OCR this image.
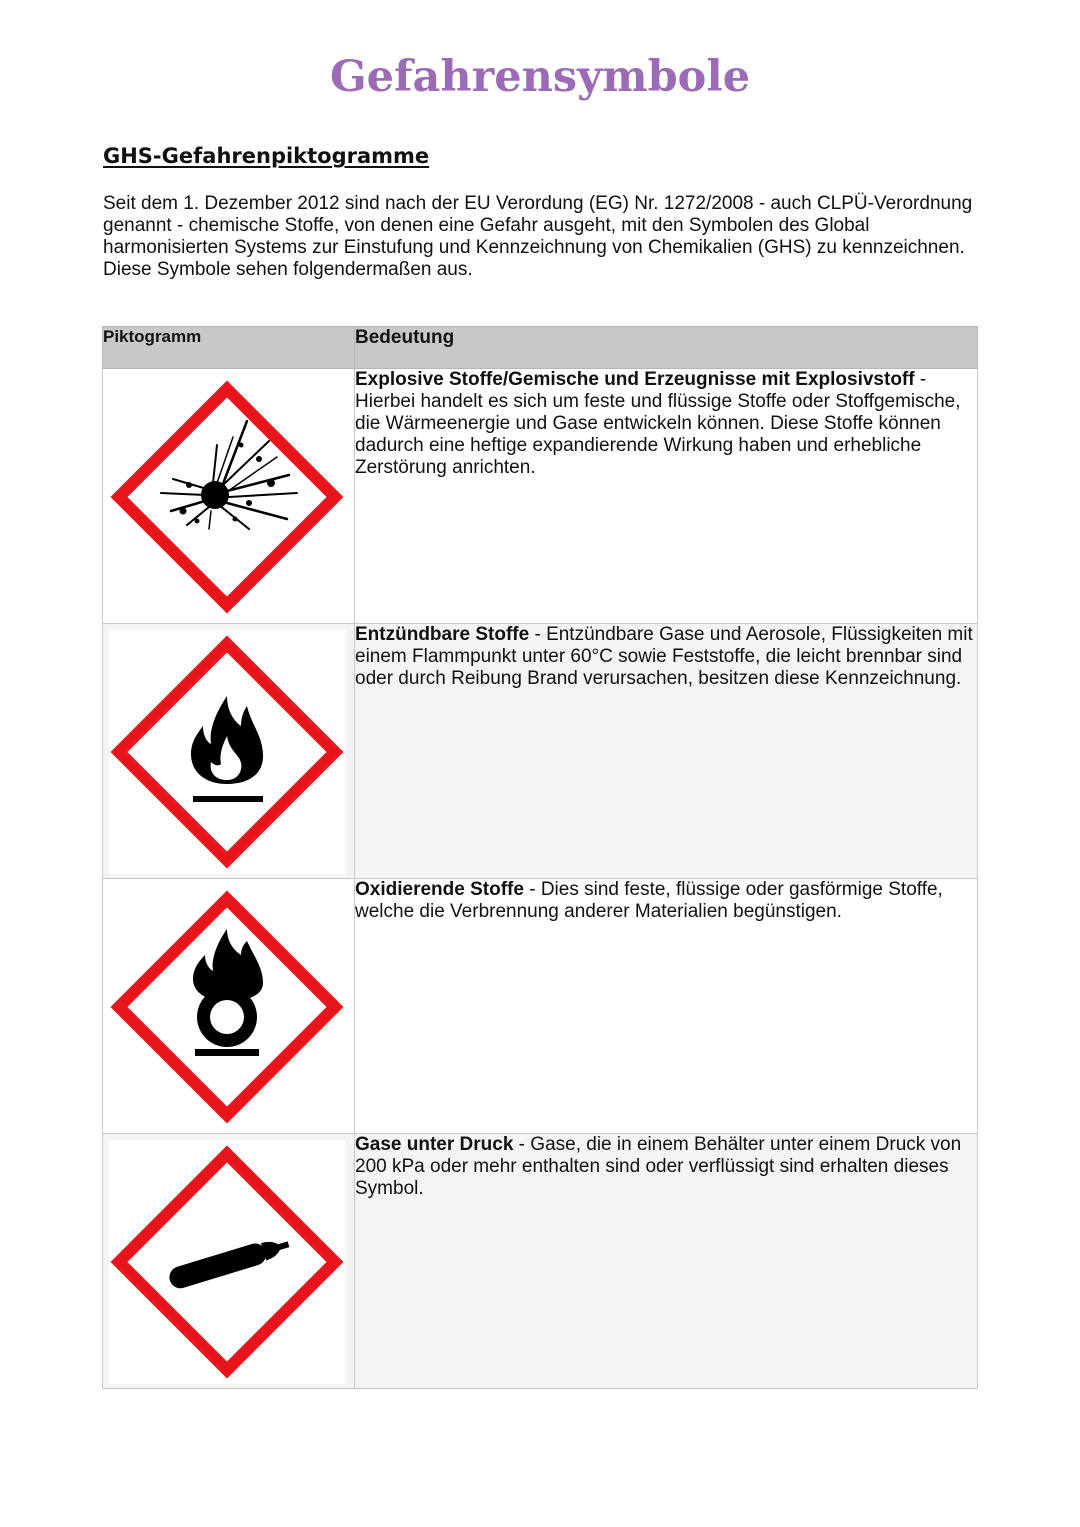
Gefahrensymbole
GHS-Gefahrenpiktogramme

Seit dem 1. Dezember 2012 sind nach der EU Verordung (EG) Nr. 1272/2008 - auch CLPÜ-Verordnung genannt - chemische Stoffe, von denen eine Gefahr ausgeht, mit den Symbolen des Global harmonisierten Systems zur Einstufung und Kennzeichnung von Chemikalien (GHS) zu kennzeichnen. Diese Symbole sehen folgendermaßen aus.

Piktogramm	Bedeutung

	Explosive Stoffe/Gemische und Erzeugnisse mit Explosivstoff - Hierbei handelt es sich um feste und flüssige Stoffe oder Stoffgemische, die Wärmeenergie und Gase entwickeln können. Diese Stoffe können dadurch eine heftige expandierende Wirkung haben und erhebliche Zerstörung anrichten.

	Entzündbare Stoffe - Entzündbare Gase und Aerosole, Flüssigkeiten mit einem Flammpunkt unter 60°C sowie Feststoffe, die leicht brennbar sind oder durch Reibung Brand verursachen, besitzen diese Kennzeichnung.

	Oxidierende Stoffe - Dies sind feste, flüssige oder gasförmige Stoffe, welche die Verbrennung anderer Materialien begünstigen.

	Gase unter Druck - Gase, die in einem Behälter unter einem Druck von 200 kPa oder mehr enthalten sind oder verflüssigt sind erhalten dieses Symbol.
